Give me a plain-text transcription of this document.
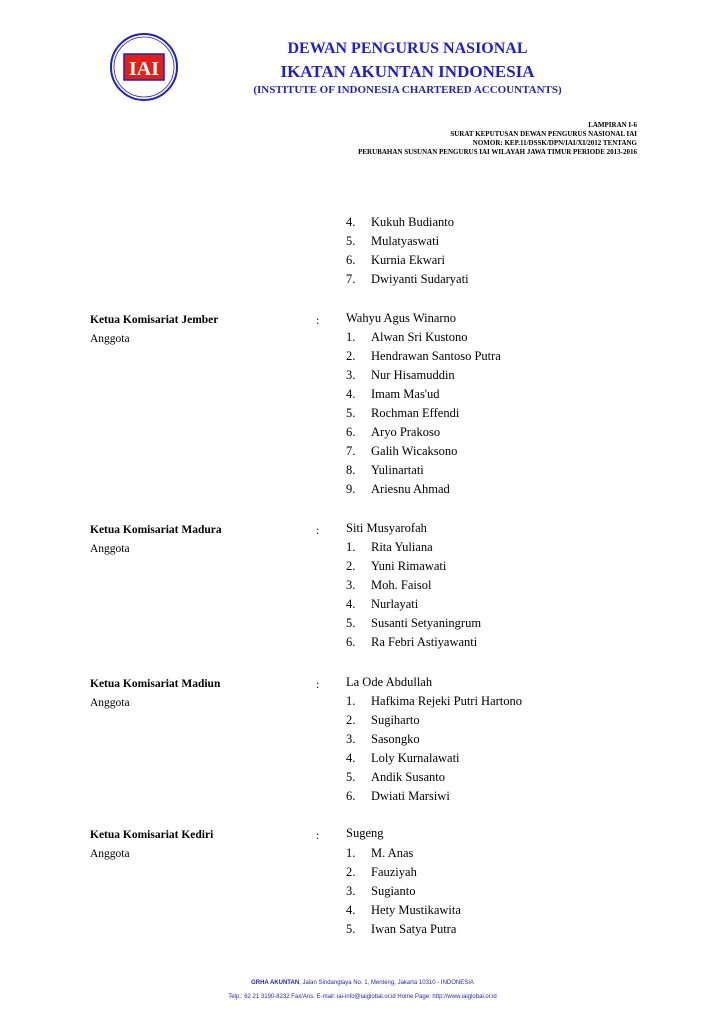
IAI
DEWAN PENGURUS NASIONAL
IKATAN AKUNTAN INDONESIA
(INSTITUTE OF INDONESIA CHARTERED ACCOUNTANTS)
LAMPIRAN I-6
SURAT KEPUTUSAN DEWAN PENGURUS NASIONAL IAI
NOMOR: KEP.11/DSSK/DPN/IAI/XI/2012 TENTANG
PERUBAHAN SUSUNAN PENGURUS IAI WILAYAH JAWA TIMUR PERIODE 2013-2016
4. Kukuh Budianto
5. Mulatyaswati
6. Kurnia Ekwari
7. Dwiyanti Sudaryati
Ketua Komisariat Jember
Anggota
: Wahyu Agus Winarno
1. Alwan Sri Kustono
2. Hendrawan Santoso Putra
3. Nur Hisamuddin
4. Imam Mas'ud
5. Rochman Effendi
6. Aryo Prakoso
7. Galih Wicaksono
8. Yulinartati
9. Ariesnu Ahmad
Ketua Komisariat Madura
Anggota
: Siti Musyarofah
1. Rita Yuliana
2. Yuni Rimawati
3. Moh. Faisol
4. Nurlayati
5. Susanti Setyaningrum
6. Ra Febri Astiyawanti
Ketua Komisariat Madiun
Anggota
: La Ode Abdullah
1. Hafkima Rejeki Putri Hartono
2. Sugiharto
3. Sasongko
4. Loly Kurnalawati
5. Andik Susanto
6. Dwiati Marsiwi
Ketua Komisariat Kediri
Anggota
: Sugeng
1. M. Anas
2. Fauziyah
3. Sugianto
4. Hety Mustikawita
5. Iwan Satya Putra
GRHA AKUNTAN, Jalan Sindanglaya No. 1, Menteng, Jakarta 10310 - INDONESIA
Telp.: 62 21 3190-8232 Fax/Ans. E-mail: iai-info@iaiglobal.or.id Home Page: http://www.iaiglobal.or.id
